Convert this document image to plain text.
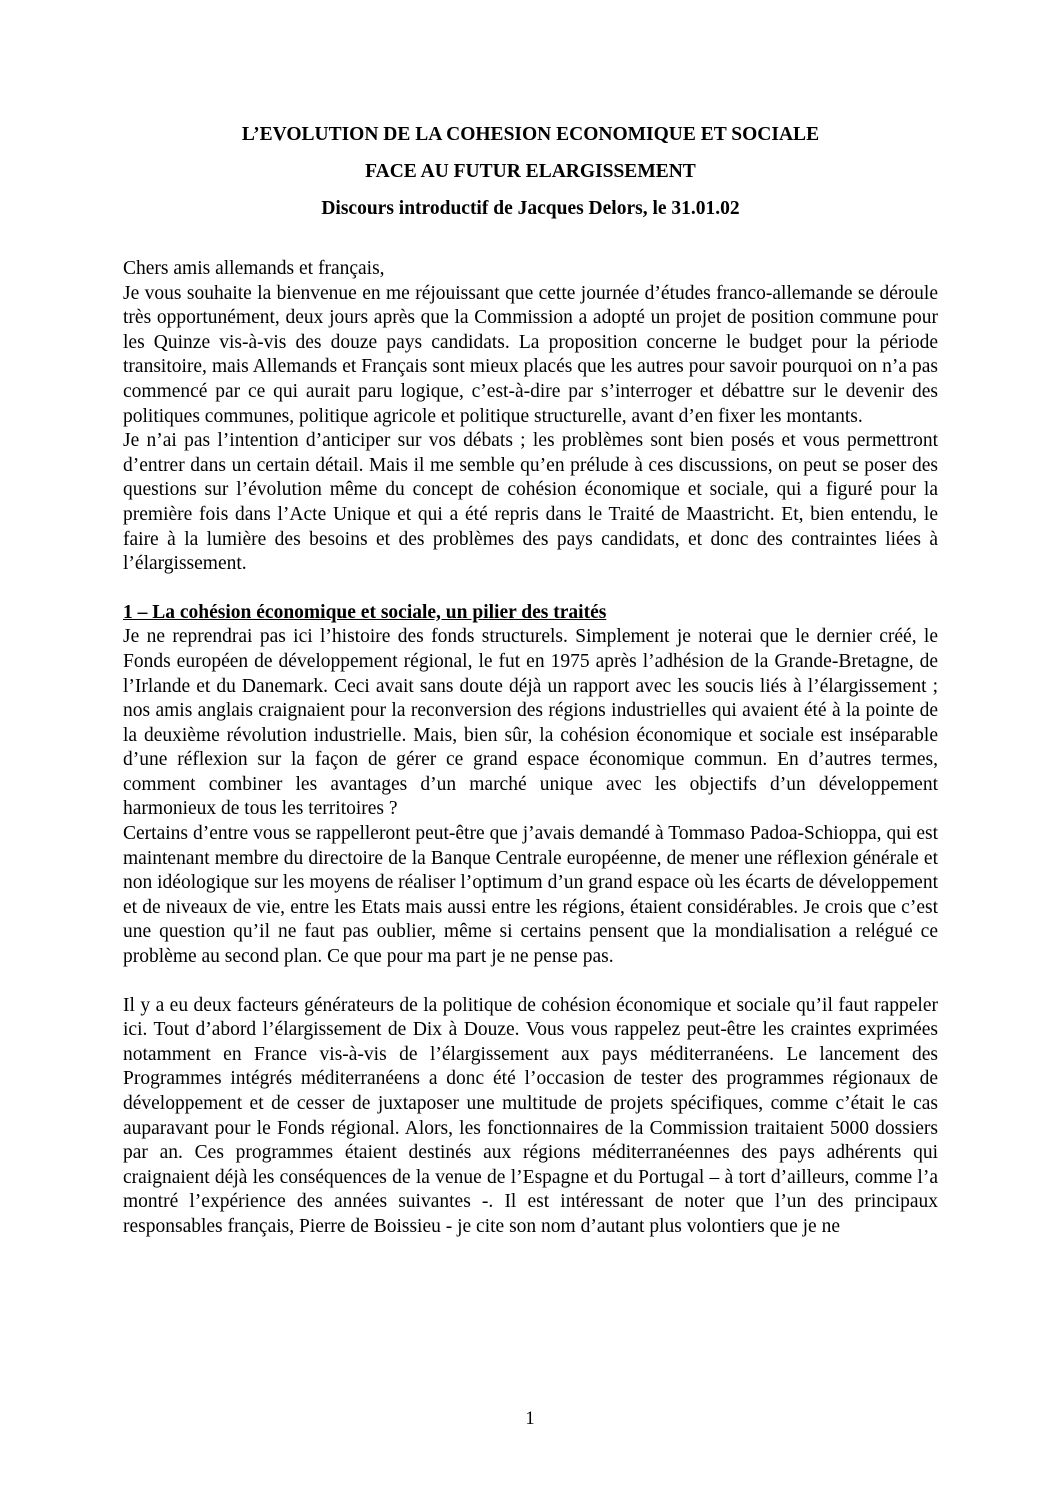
L’EVOLUTION DE LA COHESION ECONOMIQUE ET SOCIALE

FACE AU FUTUR ELARGISSEMENT

Discours introductif de Jacques Delors, le 31.01.02

Chers amis allemands et français,

Je vous souhaite la bienvenue en me réjouissant que cette journée d’études franco-allemande se déroule très opportunément, deux jours après que la Commission a adopté un projet de position commune pour les Quinze vis-à-vis des douze pays candidats. La proposition concerne le budget pour la période transitoire, mais Allemands et Français sont mieux placés que les autres pour savoir pourquoi on n’a pas commencé par ce qui aurait paru logique, c’est-à-dire par s’interroger et débattre sur le devenir des politiques communes, politique agricole et politique structurelle, avant d’en fixer les montants.

Je n’ai pas l’intention d’anticiper sur vos débats ; les problèmes sont bien posés et vous permettront d’entrer dans un certain détail. Mais il me semble qu’en prélude à ces discussions, on peut se poser des questions sur l’évolution même du concept de cohésion économique et sociale, qui a figuré pour la première fois dans l’Acte Unique et qui a été repris dans le Traité de Maastricht. Et, bien entendu, le faire à la lumière des besoins et des problèmes des pays candidats, et donc des contraintes liées à l’élargissement.

1 – La cohésion économique et sociale, un pilier des traités

Je ne reprendrai pas ici l’histoire des fonds structurels. Simplement je noterai que le dernier créé, le Fonds européen de développement régional, le fut en 1975 après l’adhésion de la Grande-Bretagne, de l’Irlande et du Danemark. Ceci avait sans doute déjà un rapport avec les soucis liés à l’élargissement ; nos amis anglais craignaient pour la reconversion des régions industrielles qui avaient été à la pointe de la deuxième révolution industrielle. Mais, bien sûr, la cohésion économique et sociale est inséparable d’une réflexion sur la façon de gérer ce grand espace économique commun. En d’autres termes, comment combiner les avantages d’un marché unique avec les objectifs d’un développement harmonieux de tous les territoires ?

Certains d’entre vous se rappelleront peut-être que j’avais demandé à Tommaso Padoa-Schioppa, qui est maintenant membre du directoire de la Banque Centrale européenne, de mener une réflexion générale et non idéologique sur les moyens de réaliser l’optimum d’un grand espace où les écarts de développement et de niveaux de vie, entre les Etats mais aussi entre les régions, étaient considérables. Je crois que c’est une question qu’il ne faut pas oublier, même si certains pensent que la mondialisation a relégué ce problème au second plan. Ce que pour ma part je ne pense pas.

Il y a eu deux facteurs générateurs de la politique de cohésion économique et sociale qu’il faut rappeler ici. Tout d’abord l’élargissement de Dix à Douze. Vous vous rappelez peut-être les craintes exprimées notamment en France vis-à-vis de l’élargissement aux pays méditerranéens. Le lancement des Programmes intégrés méditerranéens a donc été l’occasion de tester des programmes régionaux de développement et de cesser de juxtaposer une multitude de projets spécifiques, comme c’était le cas auparavant pour le Fonds régional. Alors, les fonctionnaires de la Commission traitaient 5000 dossiers par an. Ces programmes étaient destinés aux régions méditerranéennes des pays adhérents qui craignaient déjà les conséquences de la venue de l’Espagne et du Portugal – à tort d’ailleurs, comme l’a montré l’expérience des années suivantes -. Il est intéressant de noter que l’un des principaux responsables français, Pierre de Boissieu - je cite son nom d’autant plus volontiers que je ne

1
